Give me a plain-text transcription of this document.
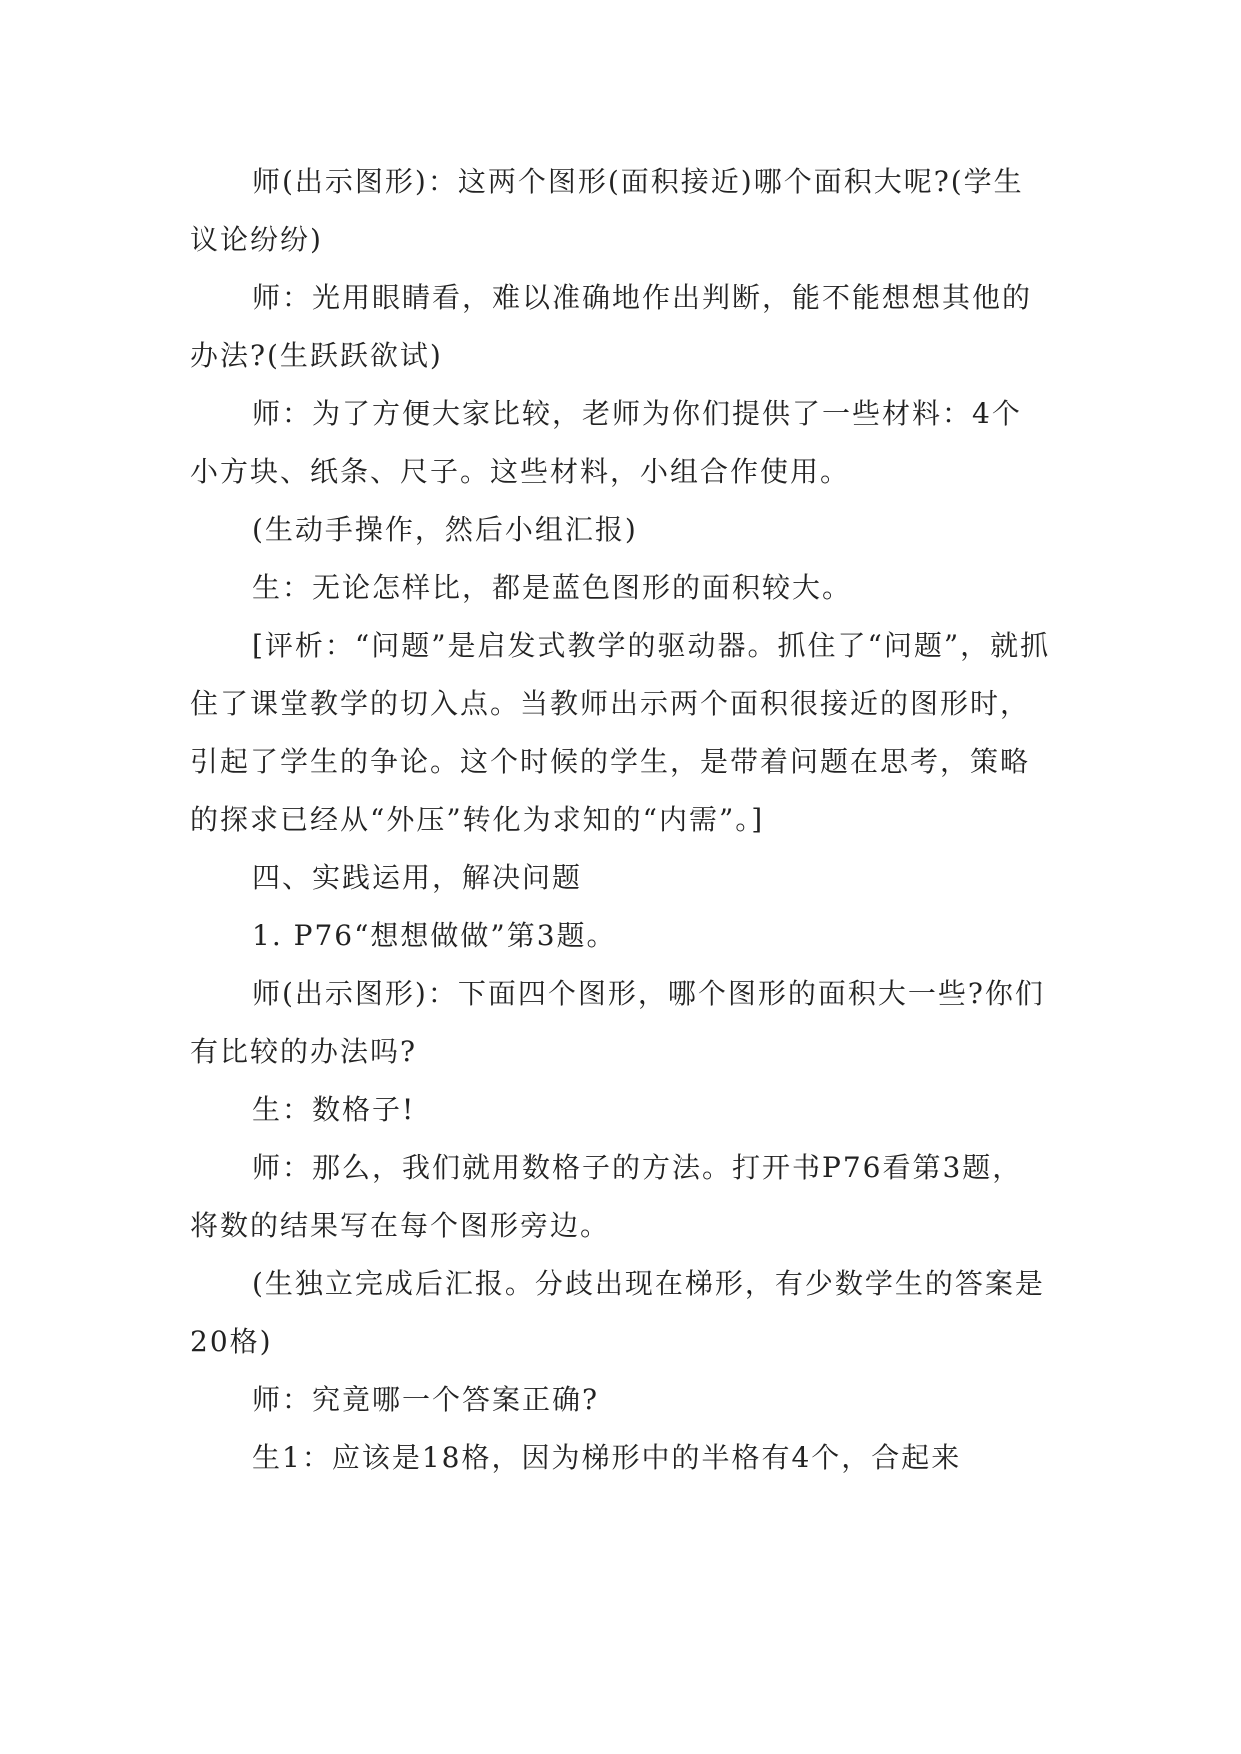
师(出示图形)：这两个图形(面积接近)哪个面积大呢?(学生议论纷纷)

师：光用眼睛看，难以准确地作出判断，能不能想想其他的办法?(生跃跃欲试)

师：为了方便大家比较，老师为你们提供了一些材料：4个小方块、纸条、尺子。这些材料，小组合作使用。

(生动手操作，然后小组汇报)

生：无论怎样比，都是蓝色图形的面积较大。

[评析：“问题”是启发式教学的驱动器。抓住了“问题”，就抓住了课堂教学的切入点。当教师出示两个面积很接近的图形时，引起了学生的争论。这个时候的学生，是带着问题在思考，策略的探求已经从“外压”转化为求知的“内需”。]

四、实践运用，解决问题

1. P76“想想做做”第3题。

师(出示图形)：下面四个图形，哪个图形的面积大一些?你们有比较的办法吗?

生：数格子!

师：那么，我们就用数格子的方法。打开书P76看第3题，将数的结果写在每个图形旁边。

(生独立完成后汇报。分歧出现在梯形，有少数学生的答案是20格)

师：究竟哪一个答案正确?

生1：应该是18格，因为梯形中的半格有4个，合起来
